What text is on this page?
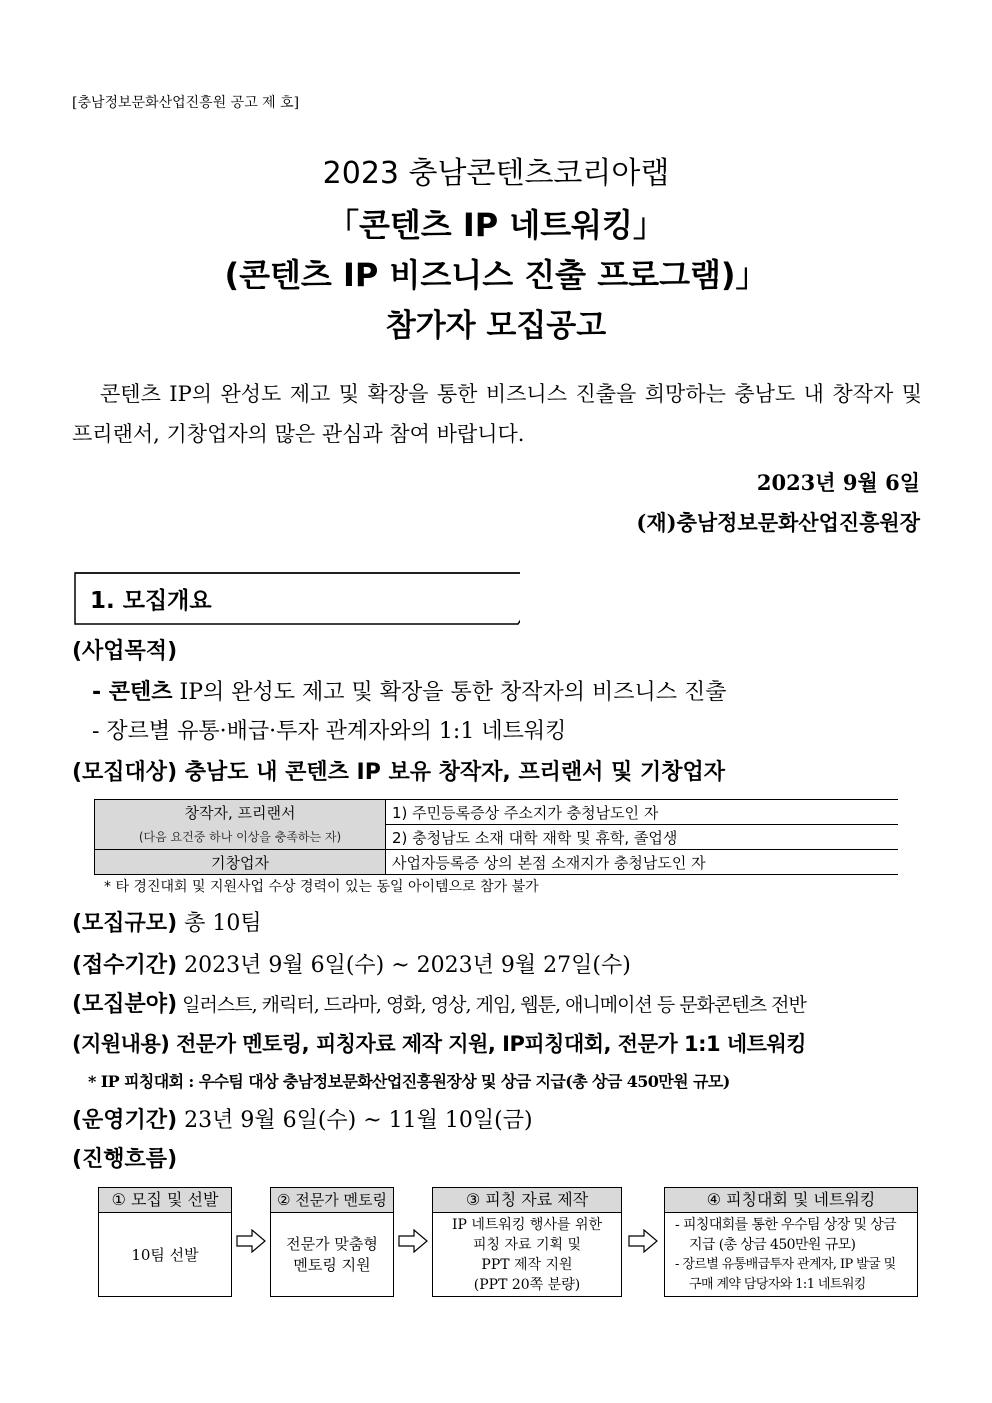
[충남정보문화산업진흥원 공고 제 호]
2023 충남콘텐츠코리아랩
「콘텐츠 IP 네트워킹」
(콘텐츠 IP 비즈니스 진출 프로그램)」
참가자 모집공고
콘텐츠 IP의 완성도 제고 및 확장을 통한 비즈니스 진출을 희망하는 충남도 내 창작자 및 프리랜서, 기창업자의 많은 관심과 참여 바랍니다.
2023년 9월 6일
(재)충남정보문화산업진흥원장
1. 모집개요
(사업목적)
- 콘텐츠 IP의 완성도 제고 및 확장을 통한 창작자의 비즈니스 진출
- 장르별 유통·배급·투자 관계자와의 1:1 네트워킹
(모집대상) 충남도 내 콘텐츠 IP 보유 창작자, 프리랜서 및 기창업자
창작자, 프리랜서	1) 주민등록증상 주소지가 충청남도인 자
(다음 요건중 하나 이상을 충족하는 자)	2) 충청남도 소재 대학 재학 및 휴학, 졸업생
기창업자	사업자등록증 상의 본점 소재지가 충청남도인 자
* 타 경진대회 및 지원사업 수상 경력이 있는 동일 아이템으로 참가 불가
(모집규모) 총 10팀
(접수기간) 2023년 9월 6일(수) ~ 2023년 9월 27일(수)
(모집분야) 일러스트, 캐릭터, 드라마, 영화, 영상, 게임, 웹툰, 애니메이션 등 문화콘텐츠 전반
(지원내용) 전문가 멘토링, 피칭자료 제작 지원, IP피칭대회, 전문가 1:1 네트워킹
* IP 피칭대회 : 우수팀 대상 충남정보문화산업진흥원장상 및 상금 지급(총 상금 450만원 규모)
(운영기간) 23년 9월 6일(수) ~ 11월 10일(금)
(진행흐름)
① 모집 및 선발
10팀 선발
② 전문가 멘토링
전문가 맞춤형
멘토링 지원
③ 피칭 자료 제작
IP 네트워킹 행사를 위한
피칭 자료 기획 및
PPT 제작 지원
(PPT 20쪽 분량)
④ 피칭대회 및 네트워킹
- 피칭대회를 통한 우수팀 상장 및 상금 지급 (총 상금 450만원 규모)
- 장르별 유통배급투자 관계자, IP 발굴 및 구매 계약 담당자와 1:1 네트워킹
